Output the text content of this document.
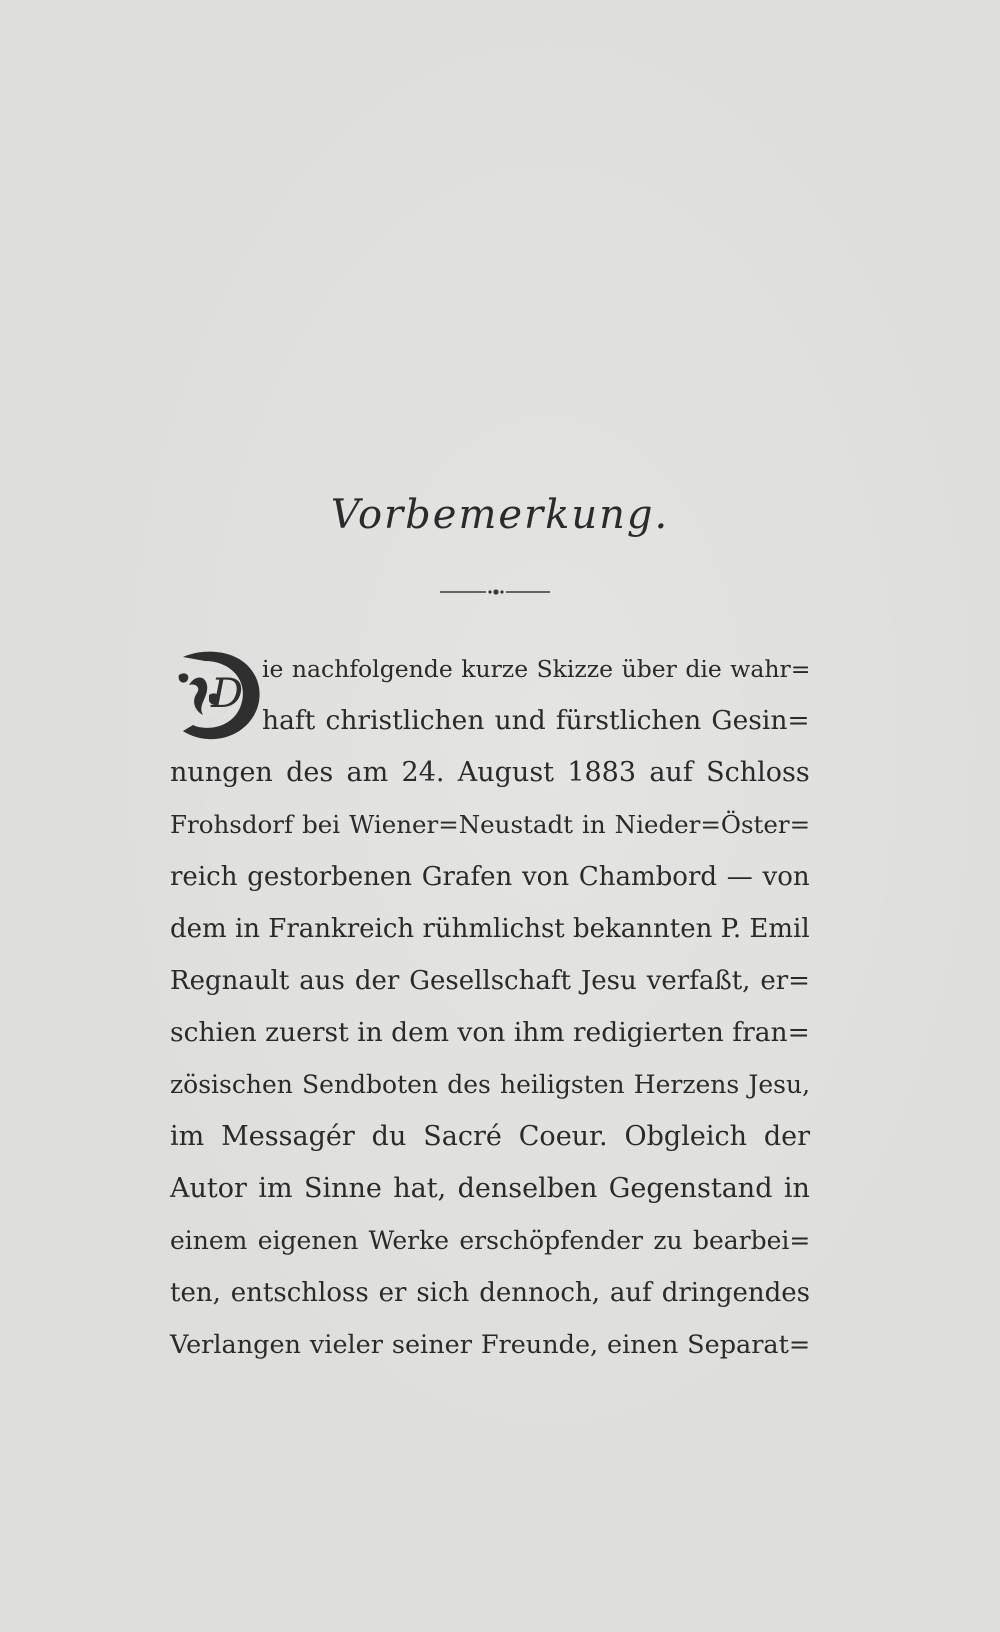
Vorbemerkung.
D
ie nachfolgende kurze Skizze über die wahr=
haft christlichen und fürstlichen Gesin=
nungen des am 24. August 1883 auf Schloss
Frohsdorf bei Wiener=Neustadt in Nieder=Öster=
reich gestorbenen Grafen von Chambord — von
dem in Frankreich rühmlichst bekannten P. Emil
Regnault aus der Gesellschaft Jesu verfaßt, er=
schien zuerst in dem von ihm redigierten fran=
zösischen Sendboten des heiligsten Herzens Jesu,
im Messagér du Sacré Coeur. Obgleich der
Autor im Sinne hat, denselben Gegenstand in
einem eigenen Werke erschöpfender zu bearbei=
ten, entschloss er sich dennoch, auf dringendes
Verlangen vieler seiner Freunde, einen Separat=
